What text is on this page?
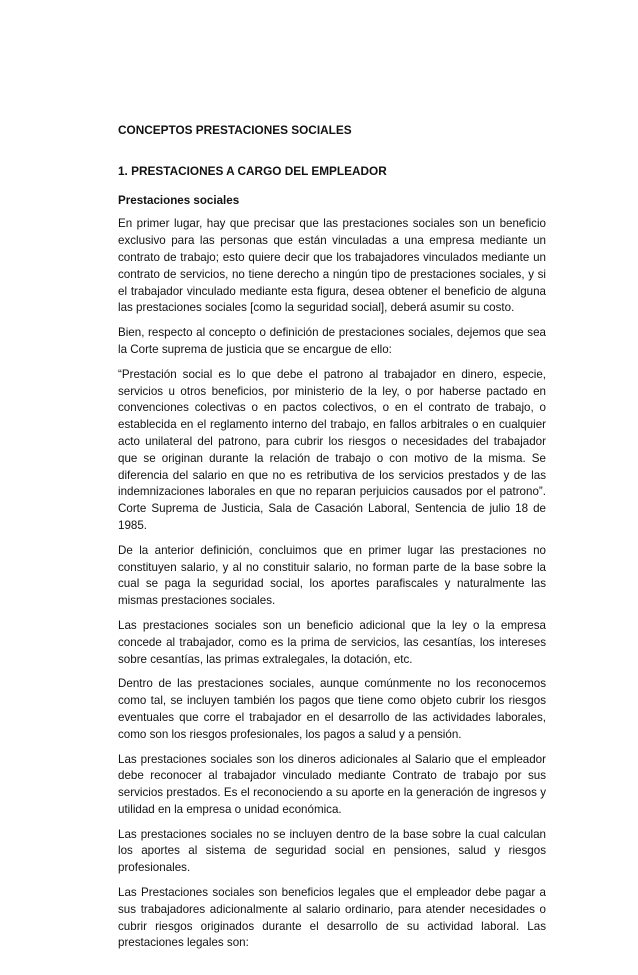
CONCEPTOS PRESTACIONES SOCIALES
1. PRESTACIONES A CARGO DEL EMPLEADOR
Prestaciones sociales

En primer lugar, hay que precisar que las prestaciones sociales son un beneficio exclusivo para las personas que están vinculadas a una empresa mediante un contrato de trabajo; esto quiere decir que los trabajadores vinculados mediante un contrato de servicios, no tiene derecho a ningún tipo de prestaciones sociales, y si el trabajador vinculado mediante esta figura, desea obtener el beneficio de alguna las prestaciones sociales [como la seguridad social], deberá asumir su costo.

Bien, respecto al concepto o definición de prestaciones sociales, dejemos que sea la Corte suprema de justicia que se encargue de ello:

“Prestación social es lo que debe el patrono al trabajador en dinero, especie, servicios u otros beneficios, por ministerio de la ley, o por haberse pactado en convenciones colectivas o en pactos colectivos, o en el contrato de trabajo, o establecida en el reglamento interno del trabajo, en fallos arbitrales o en cualquier acto unilateral del patrono, para cubrir los riesgos o necesidades del trabajador que se originan durante la relación de trabajo o con motivo de la misma. Se diferencia del salario en que no es retributiva de los servicios prestados y de las indemnizaciones laborales en que no reparan perjuicios causados por el patrono”. Corte Suprema de Justicia, Sala de Casación Laboral, Sentencia de julio 18 de 1985.

De la anterior definición, concluimos que en primer lugar las prestaciones no constituyen salario, y al no constituir salario, no forman parte de la base sobre la cual se paga la seguridad social, los aportes parafiscales y naturalmente las mismas prestaciones sociales.

Las prestaciones sociales son un beneficio adicional que la ley o la empresa concede al trabajador, como es la prima de servicios, las cesantías, los intereses sobre cesantías, las primas extralegales, la dotación, etc.

Dentro de las prestaciones sociales, aunque comúnmente no los reconocemos como tal, se incluyen también los pagos que tiene como objeto cubrir los riesgos eventuales que corre el trabajador en el desarrollo de las actividades laborales, como son los riesgos profesionales, los pagos a salud y a pensión.

Las prestaciones sociales son los dineros adicionales al Salario que el empleador debe reconocer al trabajador vinculado mediante Contrato de trabajo por sus servicios prestados. Es el reconociendo a su aporte en la generación de ingresos y utilidad en la empresa o unidad económica.

Las prestaciones sociales no se incluyen dentro de la base sobre la cual calculan los aportes al sistema de seguridad social en pensiones, salud y riesgos profesionales.

Las Prestaciones sociales son beneficios legales que el empleador debe pagar a sus trabajadores adicionalmente al salario ordinario, para atender necesidades o cubrir riesgos originados durante el desarrollo de su actividad laboral. Las prestaciones legales son:
